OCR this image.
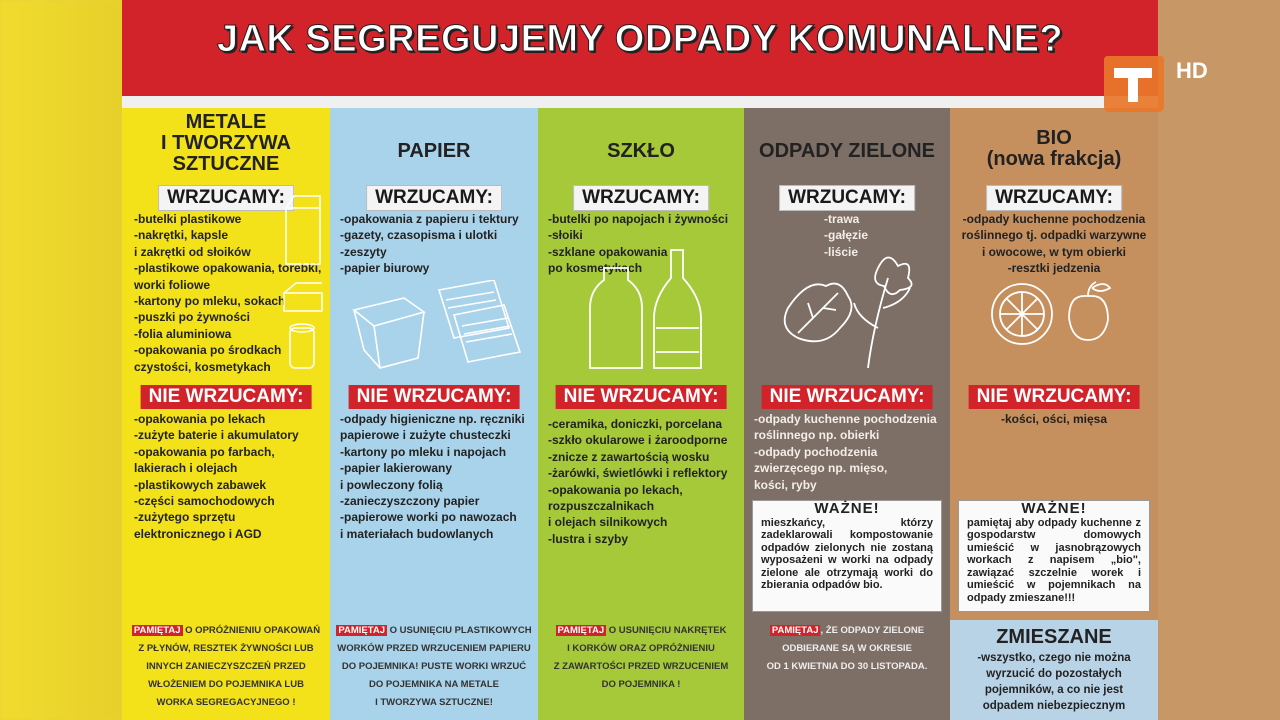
JAK SEGREGUJEMY ODPADY KOMUNALNE?
METALE
I TWORZYWA
SZTUCZNE
WRZUCAMY:
-butelki plastikowe
-nakrętki, kapsle
i zakrętki od słoików
-plastikowe opakowania, torebki,
worki foliowe
-kartony po mleku, sokach
-puszki po żywności
-folia aluminiowa
-opakowania po środkach
czystości, kosmetykach
NIE WRZUCAMY:
-opakowania po lekach
-zużyte baterie i akumulatory
-opakowania po farbach,
lakierach i olejach
-plastikowych zabawek
-części samochodowych
-zużytego sprzętu
elektronicznego i AGD
PAMIĘTAJ O OPRÓŻNIENIU OPAKOWAŃ
Z PŁYNÓW, RESZTEK ŻYWNOŚCI LUB
INNYCH ZANIECZYSZCZEŃ PRZED
WŁOŻENIEM DO POJEMNIKA LUB
WORKA SEGREGACYJNEGO !
PAPIER
WRZUCAMY:
-opakowania z papieru i tektury
-gazety, czasopisma i ulotki
-zeszyty
-papier biurowy
NIE WRZUCAMY:
-odpady higieniczne np. ręczniki
papierowe i zużyte chusteczki
-kartony po mleku i napojach
-papier lakierowany
i powleczony folią
-zanieczyszczony papier
-papierowe worki po nawozach
i materiałach budowlanych
PAMIĘTAJ O USUNIĘCIU PLASTIKOWYCH
WORKÓW PRZED WRZUCENIEM PAPIERU
DO POJEMNIKA! PUSTE WORKI WRZUĆ
DO POJEMNIKA NA METALE
I TWORZYWA SZTUCZNE!
SZKŁO
WRZUCAMY:
-butelki po napojach i żywności
-słoiki
-szklane opakowania
po kosmetykach
NIE WRZUCAMY:
-ceramika, doniczki, porcelana
-szkło okularowe i żaroodporne
-znicze z zawartością wosku
-żarówki, świetlówki i reflektory
-opakowania po lekach,
rozpuszczalnikach
i olejach silnikowych
-lustra i szyby
PAMIĘTAJ O USUNIĘCIU NAKRĘTEK
I KORKÓW ORAZ OPRÓŻNIENIU
Z ZAWARTOŚCI PRZED WRZUCENIEM
DO POJEMNIKA !
ODPADY ZIELONE
WRZUCAMY:
-trawa
-gałęzie
-liście
NIE WRZUCAMY:
-odpady kuchenne pochodzenia
roślinnego np. obierki
-odpady pochodzenia
zwierzęcego np. mięso,
kości, ryby
WAŻNE!
mieszkańcy, którzy zadeklarowali kompostowanie odpadów zielonych nie zostaną wyposażeni w worki na odpady zielone ale otrzymają worki do zbierania odpadów bio.
PAMIĘTAJ , ŻE ODPADY ZIELONE
ODBIERANE SĄ W OKRESIE
OD 1 KWIETNIA DO 30 LISTOPADA.
BIO
(nowa frakcja)
WRZUCAMY:
-odpady kuchenne pochodzenia
roślinnego tj. odpadki warzywne
i owocowe, w tym obierki
-resztki jedzenia
NIE WRZUCAMY:
-kości, ości, mięsa
WAŻNE!
pamiętaj aby odpady kuchenne z gospodarstw domowych umieścić w jasnobrązowych workach z napisem „bio", zawiązać szczelnie worek i umieścić w pojemnikach na odpady zmieszane!!!
ZMIESZANE
-wszystko, czego nie można
wyrzucić do pozostałych
pojemników, a co nie jest
odpadem niebezpiecznym
HD
